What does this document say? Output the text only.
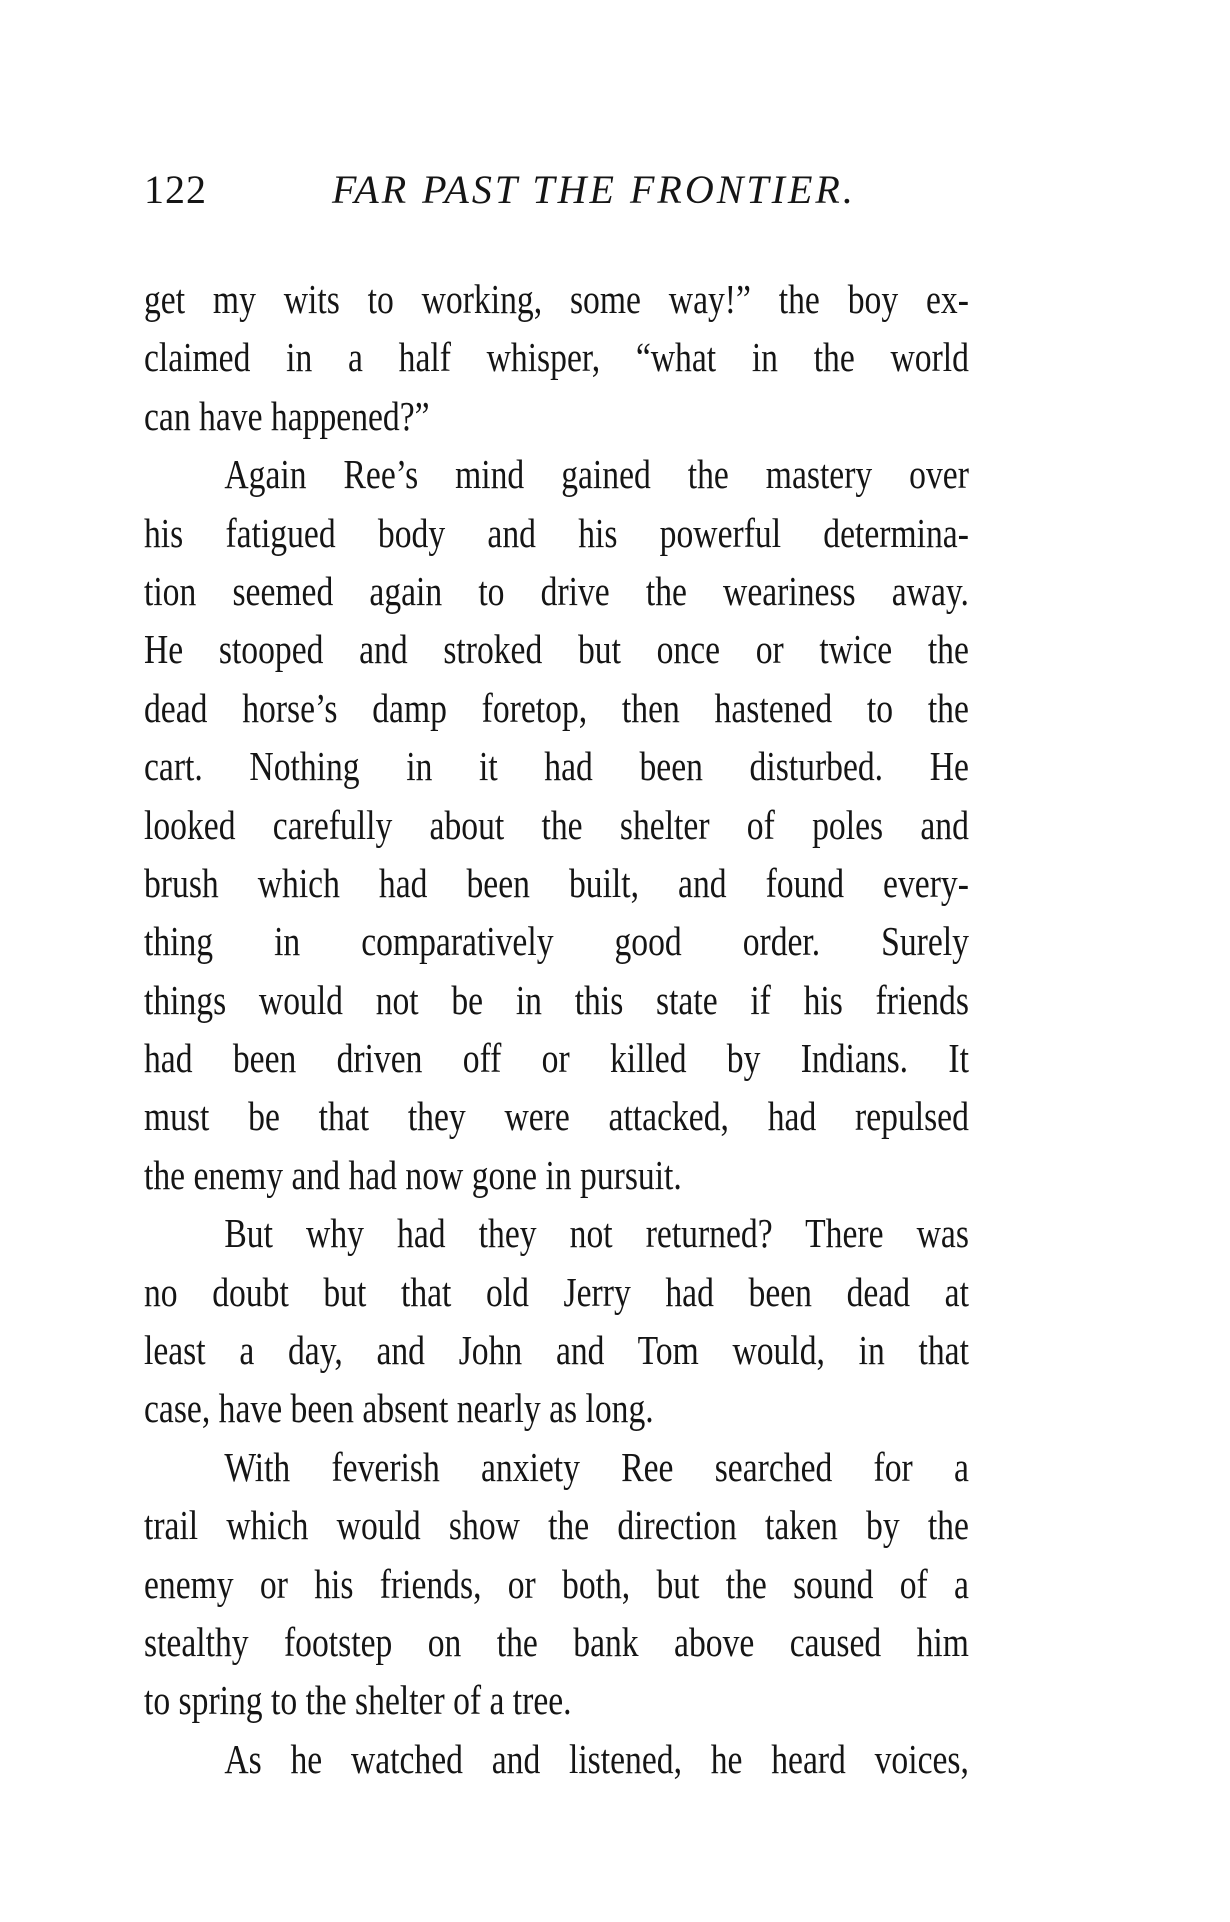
122	FAR PAST THE FRONTIER.
get my wits to working, some way!” the boy ex-
claimed in a half whisper, “what in the world
can have happened?”
Again Ree’s mind gained the mastery over
his fatigued body and his powerful determina-
tion seemed again to drive the weariness away.
He stooped and stroked but once or twice the
dead horse’s damp foretop, then hastened to the
cart. Nothing in it had been disturbed. He
looked carefully about the shelter of poles and
brush which had been built, and found every-
thing in comparatively good order. Surely
things would not be in this state if his friends
had been driven off or killed by Indians. It
must be that they were attacked, had repulsed
the enemy and had now gone in pursuit.
But why had they not returned? There was
no doubt but that old Jerry had been dead at
least a day, and John and Tom would, in that
case, have been absent nearly as long.
With feverish anxiety Ree searched for a
trail which would show the direction taken by the
enemy or his friends, or both, but the sound of a
stealthy footstep on the bank above caused him
to spring to the shelter of a tree.
As he watched and listened, he heard voices,
